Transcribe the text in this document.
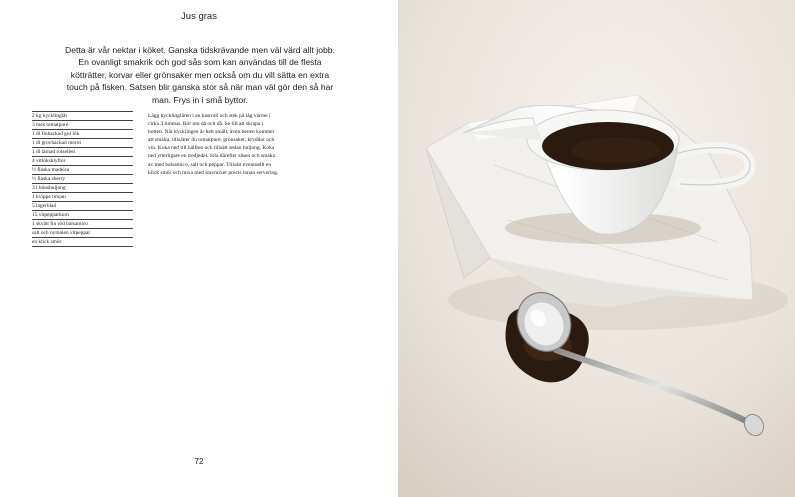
Jus gras
Detta är vår nektar i köket. Ganska tidskrävande men väl värd allt jobb. En ovanligt smakrik och god sås som kan användas till de flesta kötträtter, korvar eller grönsaker men också om du vill sätta en extra touch på fisken. Satsen blir ganska stor så när man väl gör den så har man. Frys in i små byttor.
2 kg kycklinglår
3 msk tomatpuré
1 dl finhackad gul lök
1 dl grovhackad morot
1 dl tärnad rotselleri
4 vitlöksklyftor
½ flaska madeira
½ flaska sherry
3 l hönsbuljong
1 kvippe timjan
5 lagerblad
15 vitpepparkorn
1 skvätt fin röd balsamico
salt och nymalen vitpeppar
en klick smör

Lägg kycklinglåren i en kastrull och stek på låg värme i cirka 3 timmar. Rör om då och då. Se till att skrapa i botten. När kycklingen är helt smält, även benen kommer att smälta, tillsätter du tomatpuré, grönsaker, kryddor och vin. Koka ned till hälften och tillsätt sedan buljong. Koka ned ytterligare en tredjedel. Sila därefter såsen och smaka av med balsamico, salt och peppar. Tillsätt eventuellt en klick smör och mixa med stavmixer precis innan servering.

72
